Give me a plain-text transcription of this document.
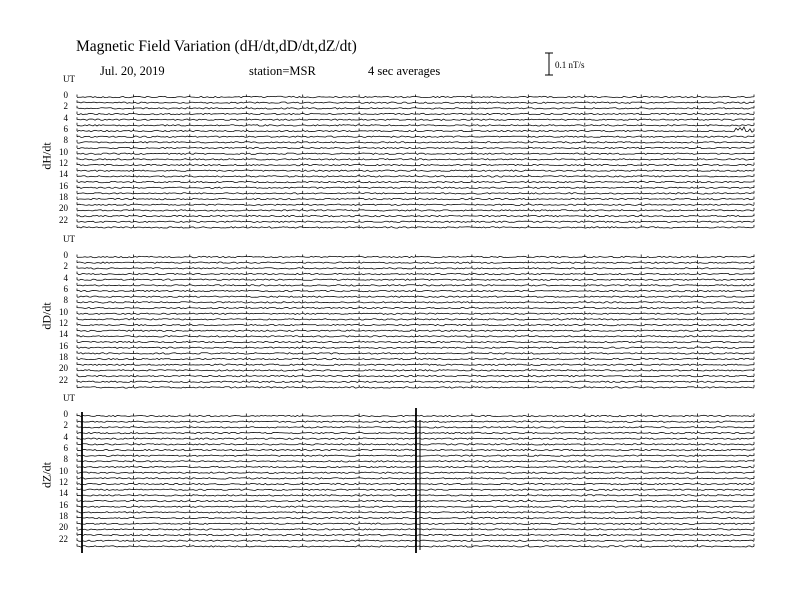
Magnetic Field Variation (dH/dt,dD/dt,dZ/dt)
Jul. 20, 2019	station=MSR	4 sec averages	0.1 nT/s
UT
UT
UT
dH/dt
dD/dt
dZ/dt
0
2
4
6
8
10
12
14
16
18
20
22
0
2
4
6
8
10
12
14
16
18
20
22
0
2
4
6
8
10
12
14
16
18
20
22
